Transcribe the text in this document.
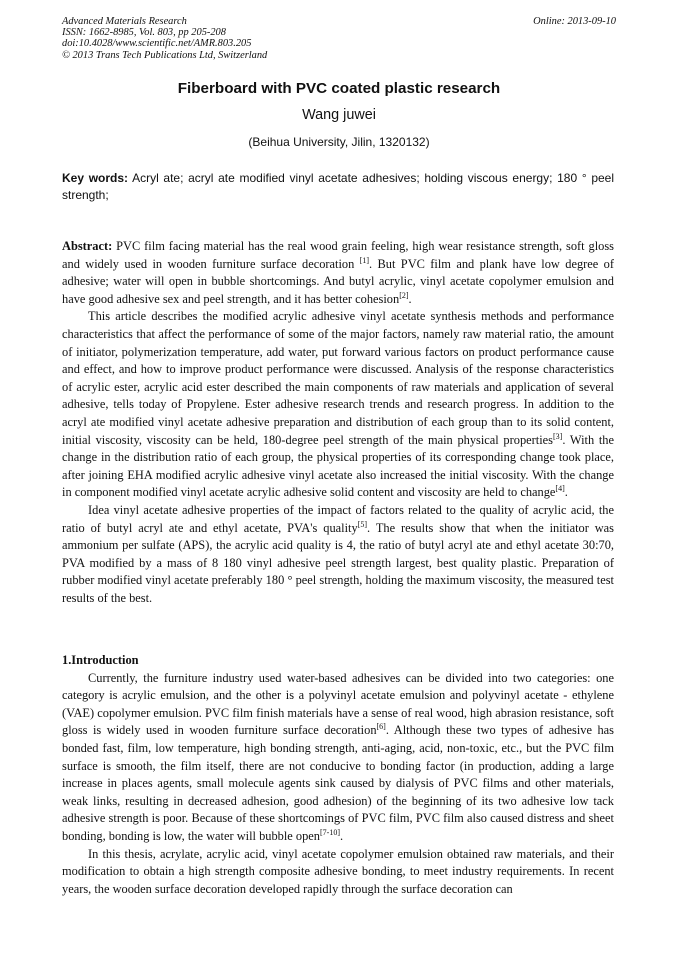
Advanced Materials Research
ISSN: 1662-8985, Vol. 803, pp 205-208
doi:10.4028/www.scientific.net/AMR.803.205
© 2013 Trans Tech Publications Ltd, Switzerland
Online: 2013-09-10
Fiberboard with PVC coated plastic research
Wang juwei
(Beihua University, Jilin, 1320132)
Key words: Acryl ate; acryl ate modified vinyl acetate adhesives; holding viscous energy; 180 ° peel strength;

Abstract: PVC film facing material has the real wood grain feeling, high wear resistance strength, soft gloss and widely used in wooden furniture surface decoration [1]. But PVC film and plank have low degree of adhesive; water will open in bubble shortcomings. And butyl acrylic, vinyl acetate copolymer emulsion and have good adhesive sex and peel strength, and it has better cohesion[2].

This article describes the modified acrylic adhesive vinyl acetate synthesis methods and performance characteristics that affect the performance of some of the major factors, namely raw material ratio, the amount of initiator, polymerization temperature, add water, put forward various factors on product performance cause and effect, and how to improve product performance were discussed. Analysis of the response characteristics of acrylic ester, acrylic acid ester described the main components of raw materials and application of several adhesive, tells today of Propylene. Ester adhesive research trends and research progress. In addition to the acryl ate modified vinyl acetate adhesive preparation and distribution of each group than to its solid content, initial viscosity, viscosity can be held, 180-degree peel strength of the main physical properties[3]. With the change in the distribution ratio of each group, the physical properties of its corresponding change took place, after joining EHA modified acrylic adhesive vinyl acetate also increased the initial viscosity. With the change in component modified vinyl acetate acrylic adhesive solid content and viscosity are held to change[4].

Idea vinyl acetate adhesive properties of the impact of factors related to the quality of acrylic acid, the ratio of butyl acryl ate and ethyl acetate, PVA's quality[5]. The results show that when the initiator was ammonium per sulfate (APS), the acrylic acid quality is 4, the ratio of butyl acryl ate and ethyl acetate 30:70, PVA modified by a mass of 8 180 vinyl adhesive peel strength largest, best quality plastic. Preparation of rubber modified vinyl acetate preferably 180 ° peel strength, holding the maximum viscosity, the measured test results of the best.

1.Introduction

Currently, the furniture industry used water-based adhesives can be divided into two categories: one category is acrylic emulsion, and the other is a polyvinyl acetate emulsion and polyvinyl acetate - ethylene (VAE) copolymer emulsion. PVC film finish materials have a sense of real wood, high abrasion resistance, soft gloss is widely used in wooden furniture surface decoration[6]. Although these two types of adhesive has bonded fast, film, low temperature, high bonding strength, anti-aging, acid, non-toxic, etc., but the PVC film surface is smooth, the film itself, there are not conducive to bonding factor (in production, adding a large increase in places agents, small molecule agents sink caused by dialysis of PVC films and other materials, weak links, resulting in decreased adhesion, good adhesion) of the beginning of its two adhesive low tack adhesive strength is poor. Because of these shortcomings of PVC film, PVC film also caused distress and sheet bonding, bonding is low, the water will bubble open[7-10].

In this thesis, acrylate, acrylic acid, vinyl acetate copolymer emulsion obtained raw materials, and their modification to obtain a high strength composite adhesive bonding, to meet industry requirements. In recent years, the wooden surface decoration developed rapidly through the surface decoration can
